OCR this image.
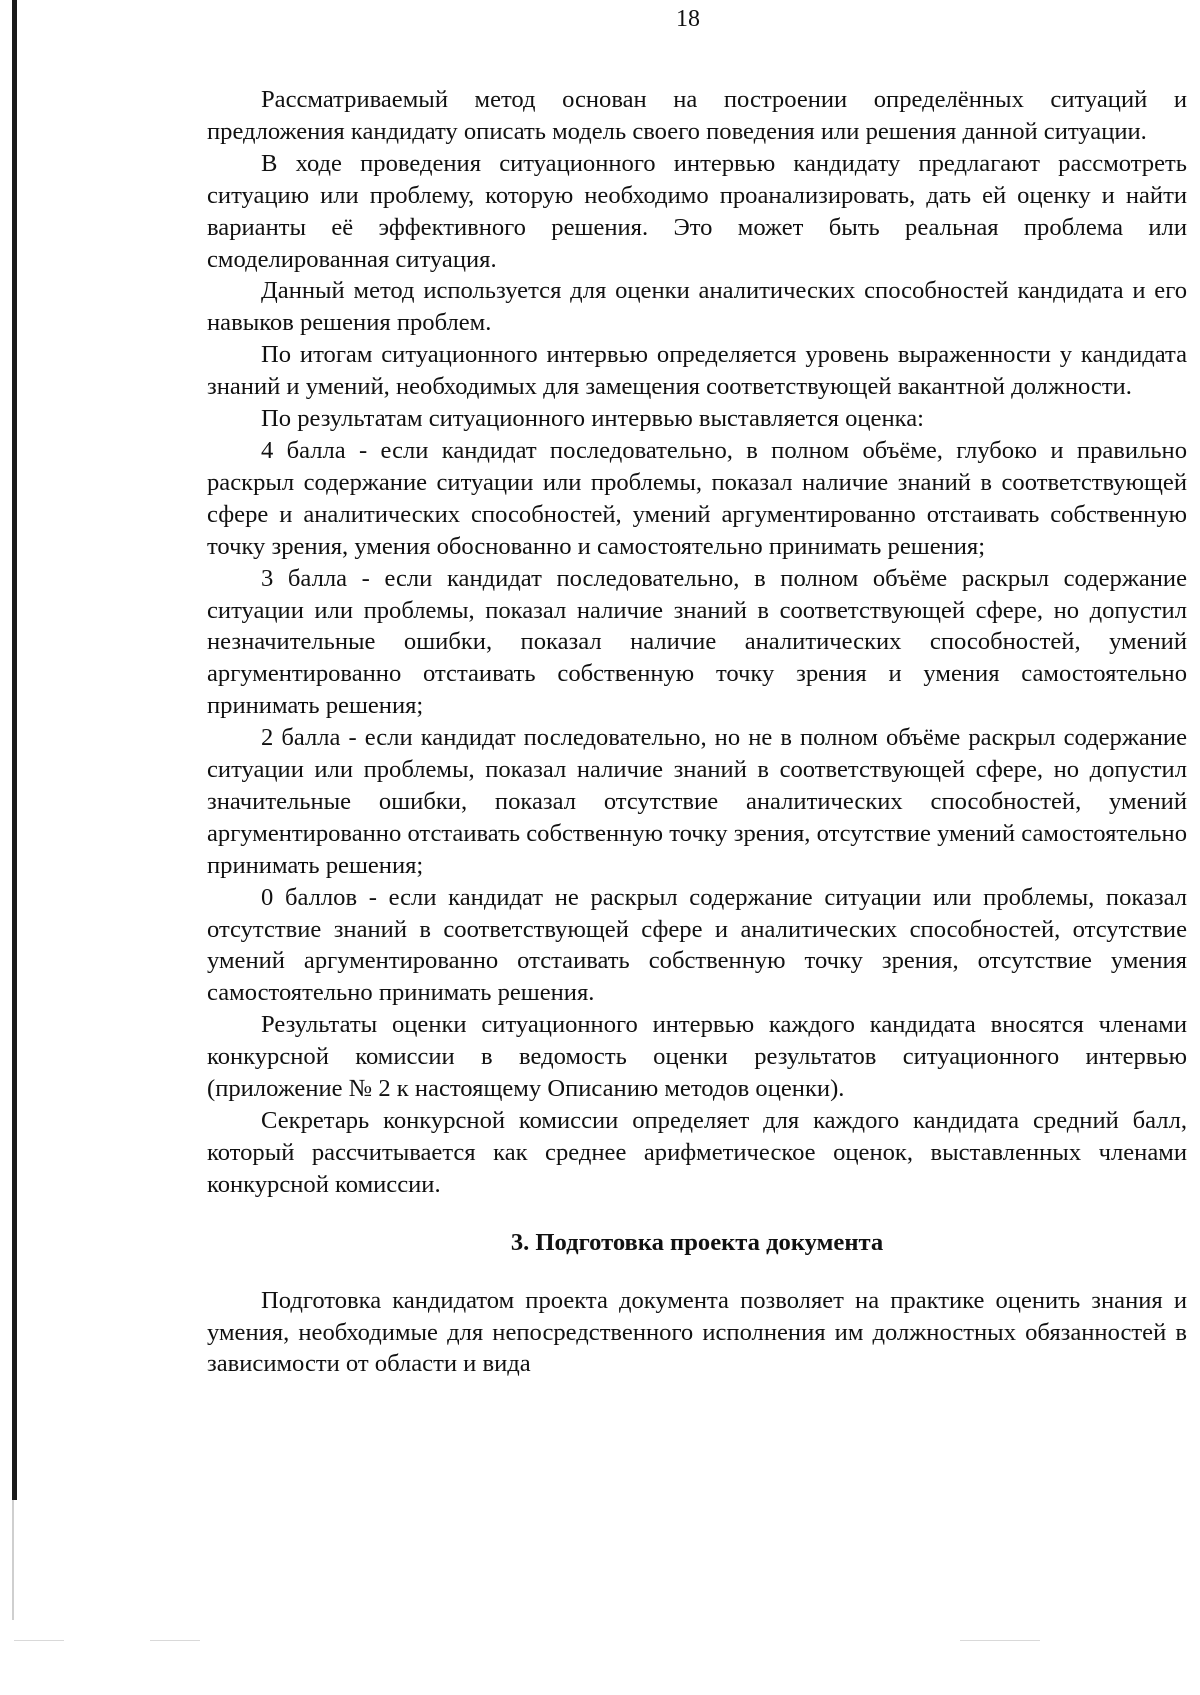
18

Рассматриваемый метод основан на построении определённых ситуаций и предложения кандидату описать модель своего поведения или решения данной ситуации.

В ходе проведения ситуационного интервью кандидату предлагают рассмотреть ситуацию или проблему, которую необходимо проанализировать, дать ей оценку и найти варианты её эффективного решения. Это может быть реальная проблема или смоделированная ситуация.

Данный метод используется для оценки аналитических способностей кандидата и его навыков решения проблем.

По итогам ситуационного интервью определяется уровень выраженности у кандидата знаний и умений, необходимых для замещения соответствующей вакантной должности.

По результатам ситуационного интервью выставляется оценка:

4 балла - если кандидат последовательно, в полном объёме, глубоко и правильно раскрыл содержание ситуации или проблемы, показал наличие знаний в соответствующей сфере и аналитических способностей, умений аргументированно отстаивать собственную точку зрения, умения обоснованно и самостоятельно принимать решения;

3 балла - если кандидат последовательно, в полном объёме раскрыл содержание ситуации или проблемы, показал наличие знаний в соответствующей сфере, но допустил незначительные ошибки, показал наличие аналитических способностей, умений аргументированно отстаивать собственную точку зрения и умения самостоятельно принимать решения;

2 балла - если кандидат последовательно, но не в полном объёме раскрыл содержание ситуации или проблемы, показал наличие знаний в соответствующей сфере, но допустил значительные ошибки, показал отсутствие аналитических способностей, умений аргументированно отстаивать собственную точку зрения, отсутствие умений самостоятельно принимать решения;

0 баллов - если кандидат не раскрыл содержание ситуации или проблемы, показал отсутствие знаний в соответствующей сфере и аналитических способностей, отсутствие умений аргументированно отстаивать собственную точку зрения, отсутствие умения самостоятельно принимать решения.

Результаты оценки ситуационного интервью каждого кандидата вносятся членами конкурсной комиссии в ведомость оценки результатов ситуационного интервью (приложение № 2 к настоящему Описанию методов оценки).

Секретарь конкурсной комиссии определяет для каждого кандидата средний балл, который рассчитывается как среднее арифметическое оценок, выставленных членами конкурсной комиссии.

3. Подготовка проекта документа

Подготовка кандидатом проекта документа позволяет на практике оценить знания и умения, необходимые для непосредственного исполнения им должностных обязанностей в зависимости от области и вида
